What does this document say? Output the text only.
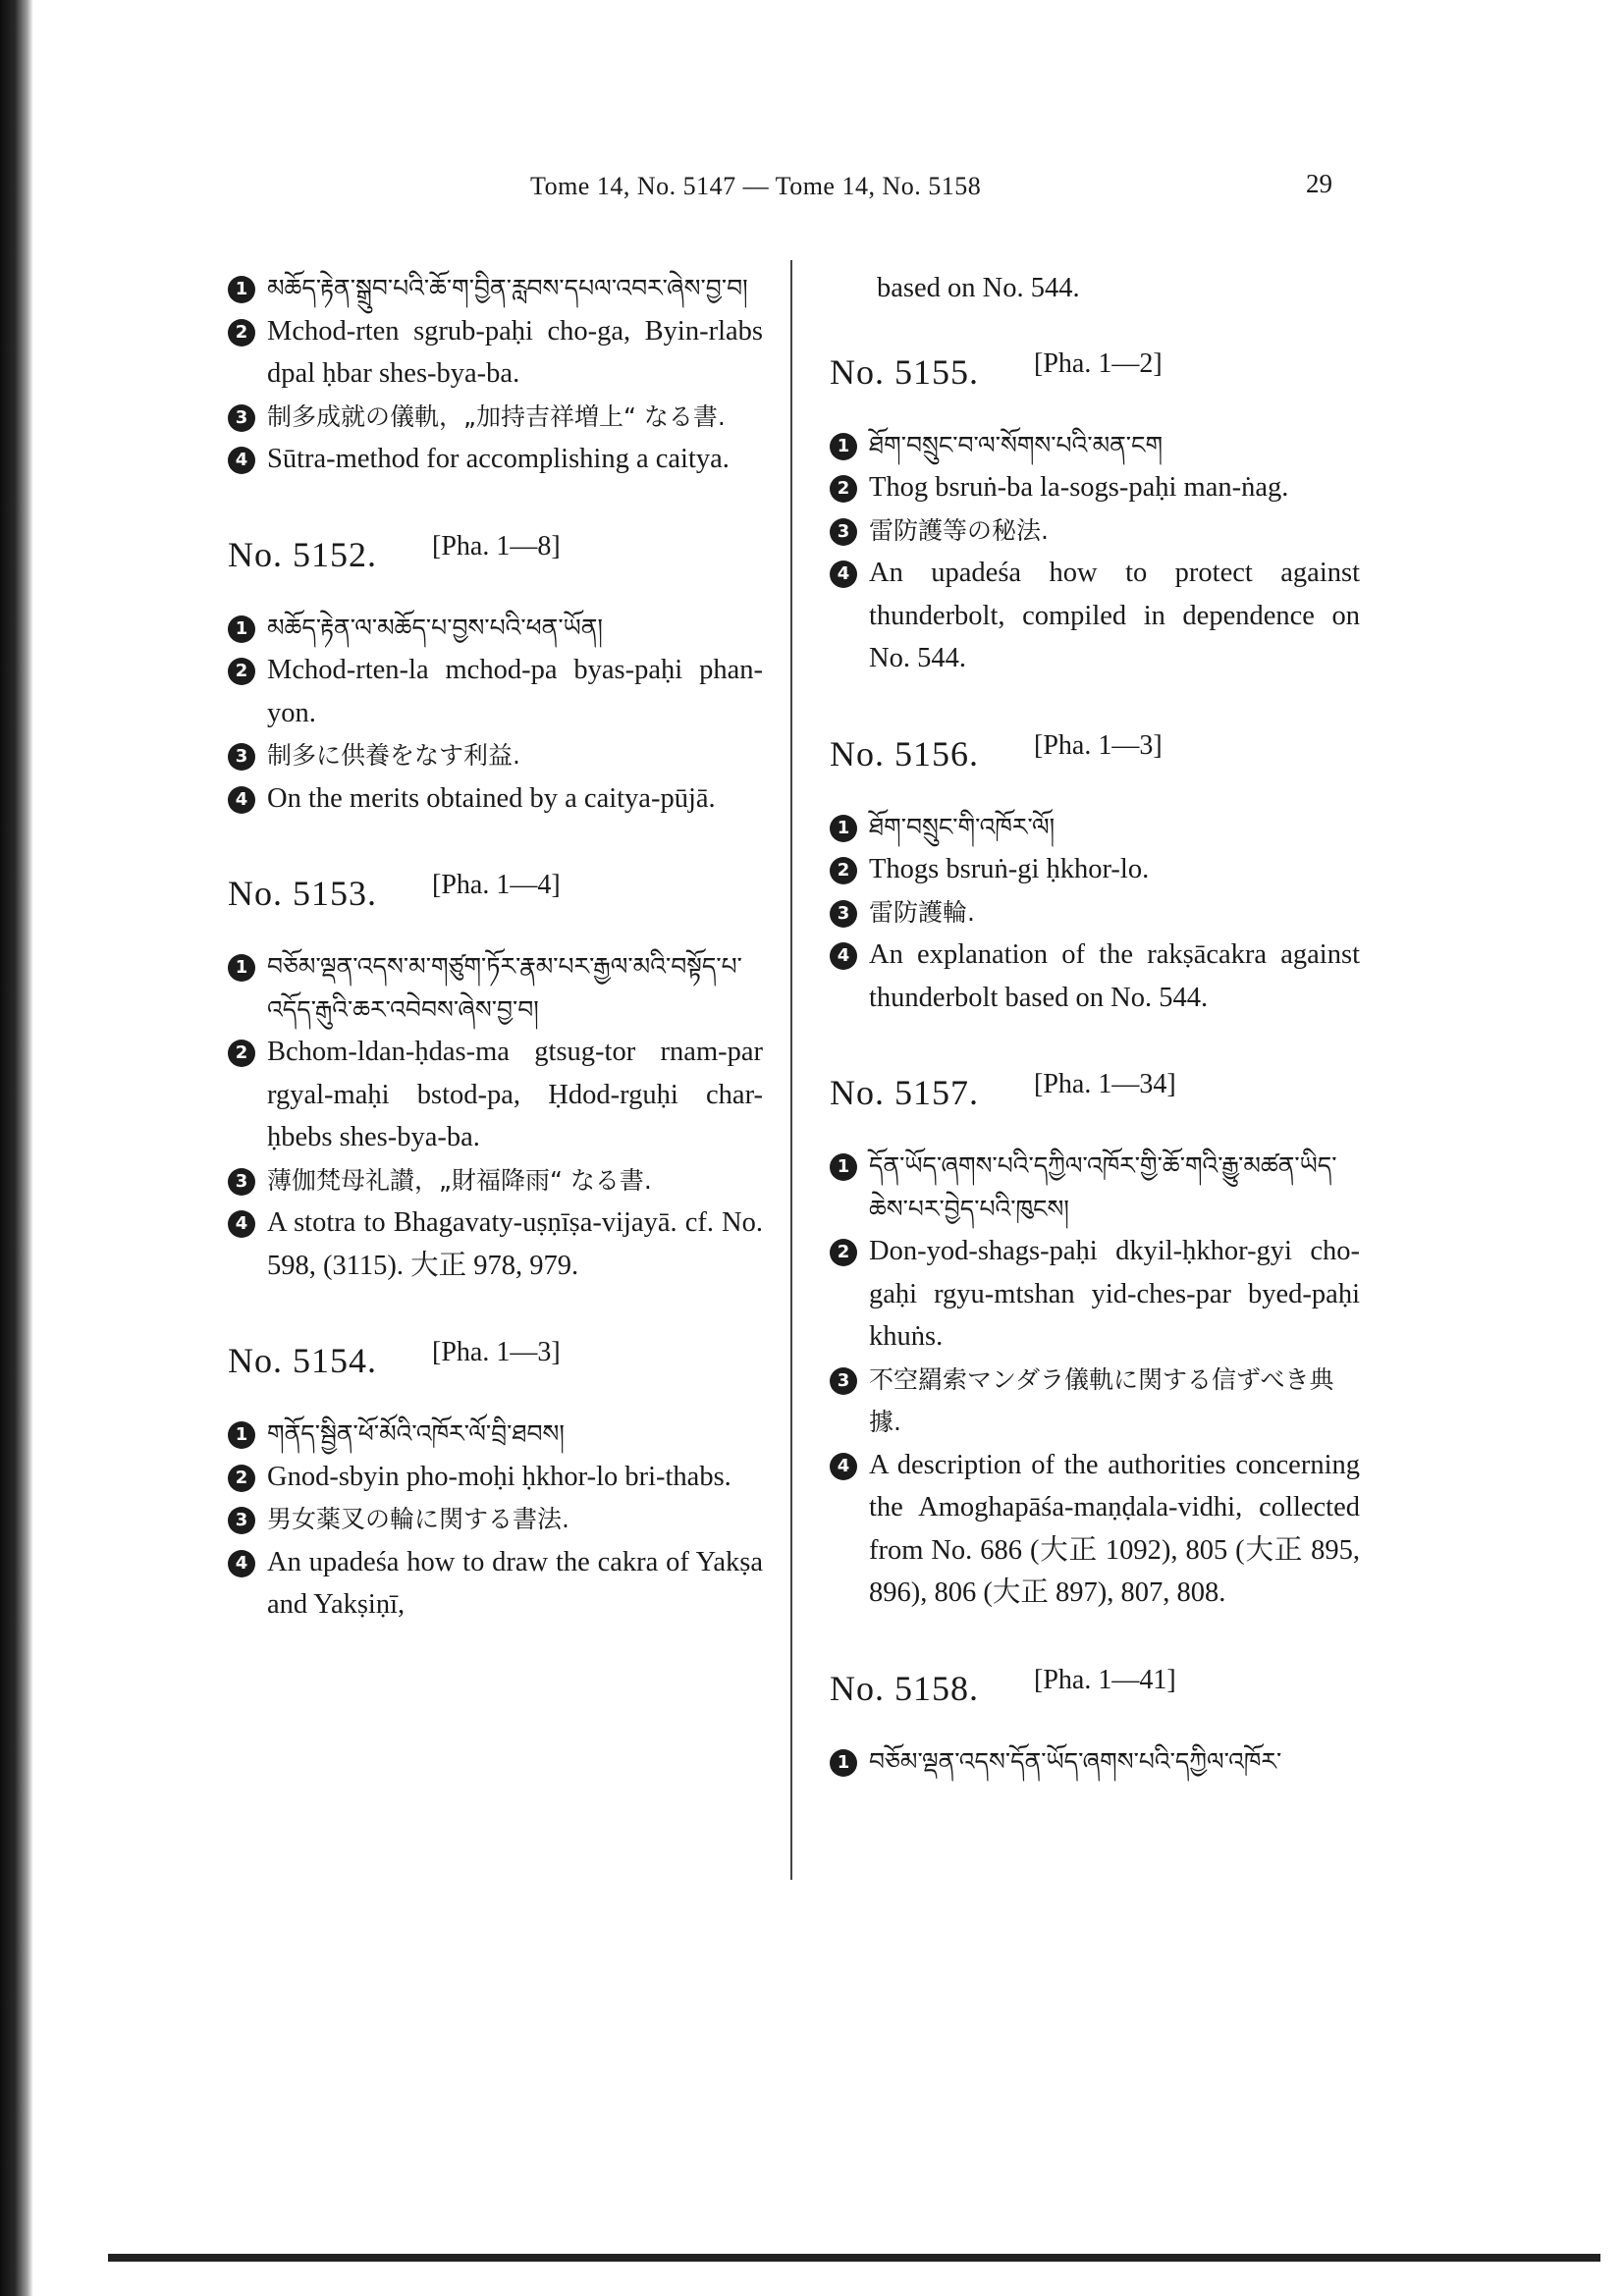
Tome 14, No. 5147 — Tome 14, No. 5158	29
1 མཆོད་རྟེན་སྒྲུབ་པའི་ཆོ་ག་བྱིན་རླབས་དཔལ་འབར་ཞེས་བྱ་བ།
2 Mchod-rten sgrub-paḥi cho-ga, Byin-rlabs dpal ḥbar shes-bya-ba.
3 制多成就の儀軌，„加持吉祥増上“ なる書.
4 Sūtra-method for accomplishing a caitya.
No. 5152. [Pha. 1—8]
1 མཆོད་རྟེན་ལ་མཆོད་པ་བྱས་པའི་ཕན་ཡོན།
2 Mchod-rten-la mchod-pa byas-paḥi phan-yon.
3 制多に供養をなす利益.
4 On the merits obtained by a caitya-pūjā.
No. 5153. [Pha. 1—4]
1 བཅོམ་ལྡན་འདས་མ་གཙུག་ཏོར་རྣམ་པར་རྒྱལ་མའི་བསྟོད་པ་འདོད་རྒུའི་ཆར་འབེབས་ཞེས་བྱ་བ།
2 Bchom-ldan-ḥdas-ma gtsug-tor rnam-par rgyal-maḥi bstod-pa, Ḥdod-rguḥi char-ḥbebs shes-bya-ba.
3 薄伽梵母礼讃，„財福降雨“ なる書.
4 A stotra to Bhagavaty-uṣṇīṣa-vijayā. cf. No. 598, (3115). 大正 978, 979.
No. 5154. [Pha. 1—3]
1 གནོད་སྦྱིན་ཕོ་མོའི་འཁོར་ལོ་བྲི་ཐབས།
2 Gnod-sbyin pho-moḥi ḥkhor-lo bri-thabs.
3 男女薬叉の輪に関する書法.
4 An upadeśa how to draw the cakra of Yakṣa and Yakṣiṇī,
based on No. 544.
No. 5155. [Pha. 1—2]
1 ཐོག་བསྲུང་བ་ལ་སོགས་པའི་མན་ངག
2 Thog bsruṅ-ba la-sogs-paḥi man-ṅag.
3 雷防護等の秘法.
4 An upadeśa how to protect against thunderbolt, compiled in dependence on No. 544.
No. 5156. [Pha. 1—3]
1 ཐོག་བསྲུང་གི་འཁོར་ལོ།
2 Thogs bsruṅ-gi ḥkhor-lo.
3 雷防護輪.
4 An explanation of the rakṣācakra against thunderbolt based on No. 544.
No. 5157. [Pha. 1—34]
1 དོན་ཡོད་ཞགས་པའི་དཀྱིལ་འཁོར་གྱི་ཆོ་གའི་རྒྱུ་མཚན་ཡིད་ཆེས་པར་བྱེད་པའི་ཁུངས།
2 Don-yod-shags-paḥi dkyil-ḥkhor-gyi cho-gaḥi rgyu-mtshan yid-ches-par byed-paḥi khuṅs.
3 不空羂索マンダラ儀軌に関する信ずべき典據.
4 A description of the authorities concerning the Amoghapāśa-maṇḍala-vidhi, collected from No. 686 (大正 1092), 805 (大正 895, 896), 806 (大正 897), 807, 808.
No. 5158. [Pha. 1—41]
1 བཅོམ་ལྡན་འདས་དོན་ཡོད་ཞགས་པའི་དཀྱིལ་འཁོར་
